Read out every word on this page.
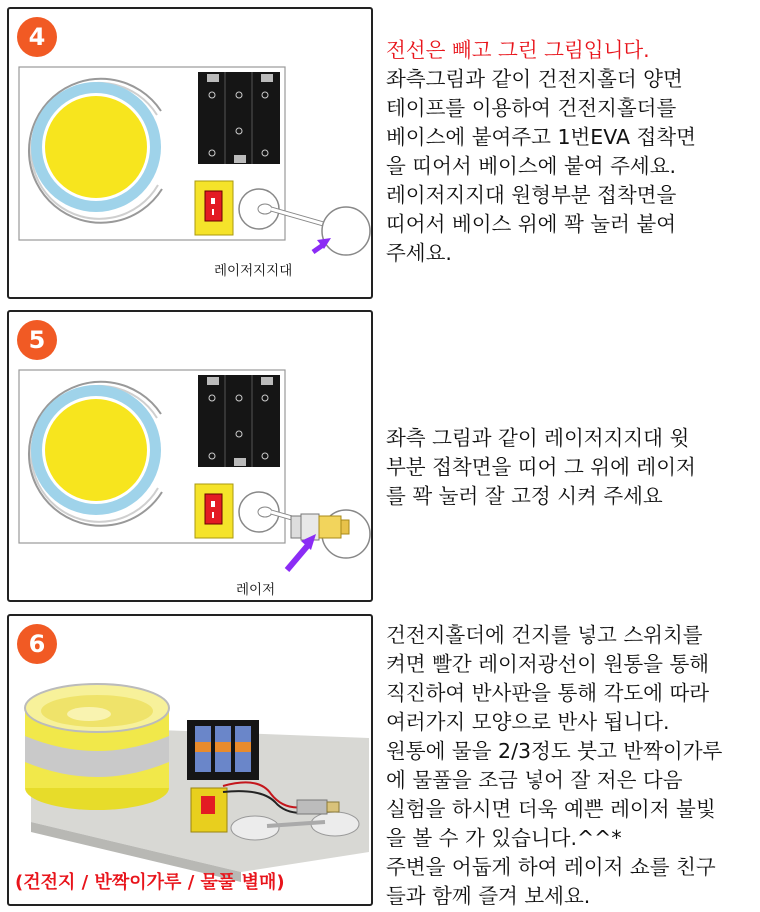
4
레이저지지대
전선은 빼고 그린 그림입니다.
좌측그림과 같이 건전지홀더 양면
테이프를 이용하여 건전지홀더를
베이스에 붙여주고 1번EVA 접착면
을 띠어서 베이스에 붙여 주세요.
레이저지지대 원형부분 접착면을
띠어서 베이스 위에 꽉 눌러 붙여
주세요.
5
레이저
좌측 그림과 같이 레이저지지대 윗
부분 접착면을 띠어 그 위에 레이저
를 꽉 눌러 잘 고정 시켜 주세요
6
(건전지 / 반짝이가루 / 물풀 별매)
건전지홀더에 건지를 넣고 스위치를
켜면 빨간 레이저광선이 원통을 통해
직진하여 반사판을 통해 각도에 따라
여러가지 모양으로 반사 됩니다.
원통에 물을 2/3정도 붓고 반짝이가루
에 물풀을 조금 넣어 잘 저은 다음
실험을 하시면 더욱 예쁜 레이저 불빛
을 볼 수 가 있습니다.^^*
주변을 어둡게 하여 레이저 쇼를 친구
들과 함께 즐겨 보세요.
